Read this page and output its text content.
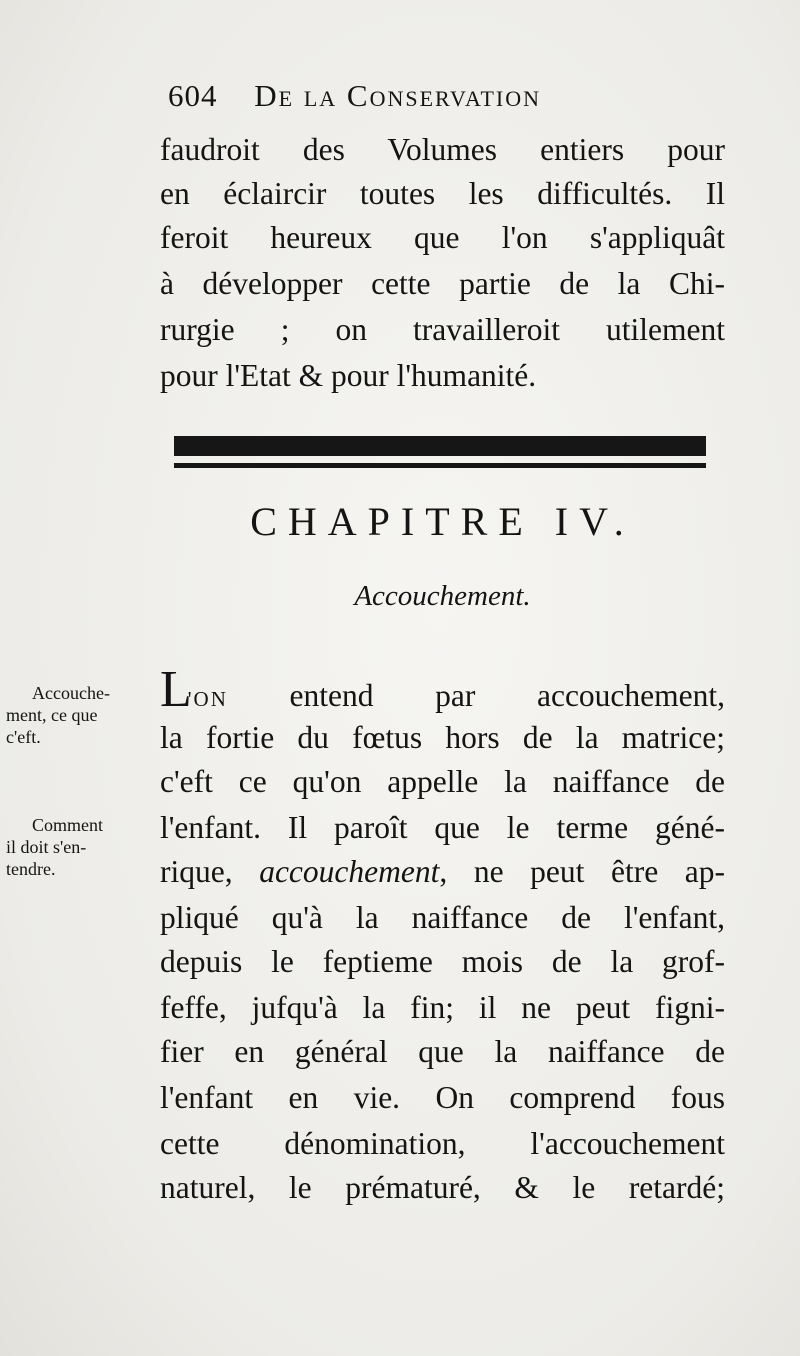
604 De la Conservation
faudroit des Volumes entiers pour
en éclaircir toutes les difficultés. Il
feroit heureux que l'on s'appliquât
à développer cette partie de la Chi-
rurgie ; on travailleroit utilement
pour l'Etat & pour l'humanité.
CHAPITRE IV.
Accouchement.
L'ON entend par accouchement,
la fortie du fœtus hors de la matrice;
c'eft ce qu'on appelle la naiffance de
l'enfant. Il paroît que le terme géné-
rique, accouchement, ne peut être ap-
pliqué qu'à la naiffance de l'enfant,
depuis le feptieme mois de la grof-
feffe, jufqu'à la fin; il ne peut figni-
fier en général que la naiffance de
l'enfant en vie. On comprend fous
cette dénomination, l'accouchement
naturel, le prématuré, & le retardé;
Accouche-
ment, ce que
c'eft.
Comment
il doit s'en-
tendre.
